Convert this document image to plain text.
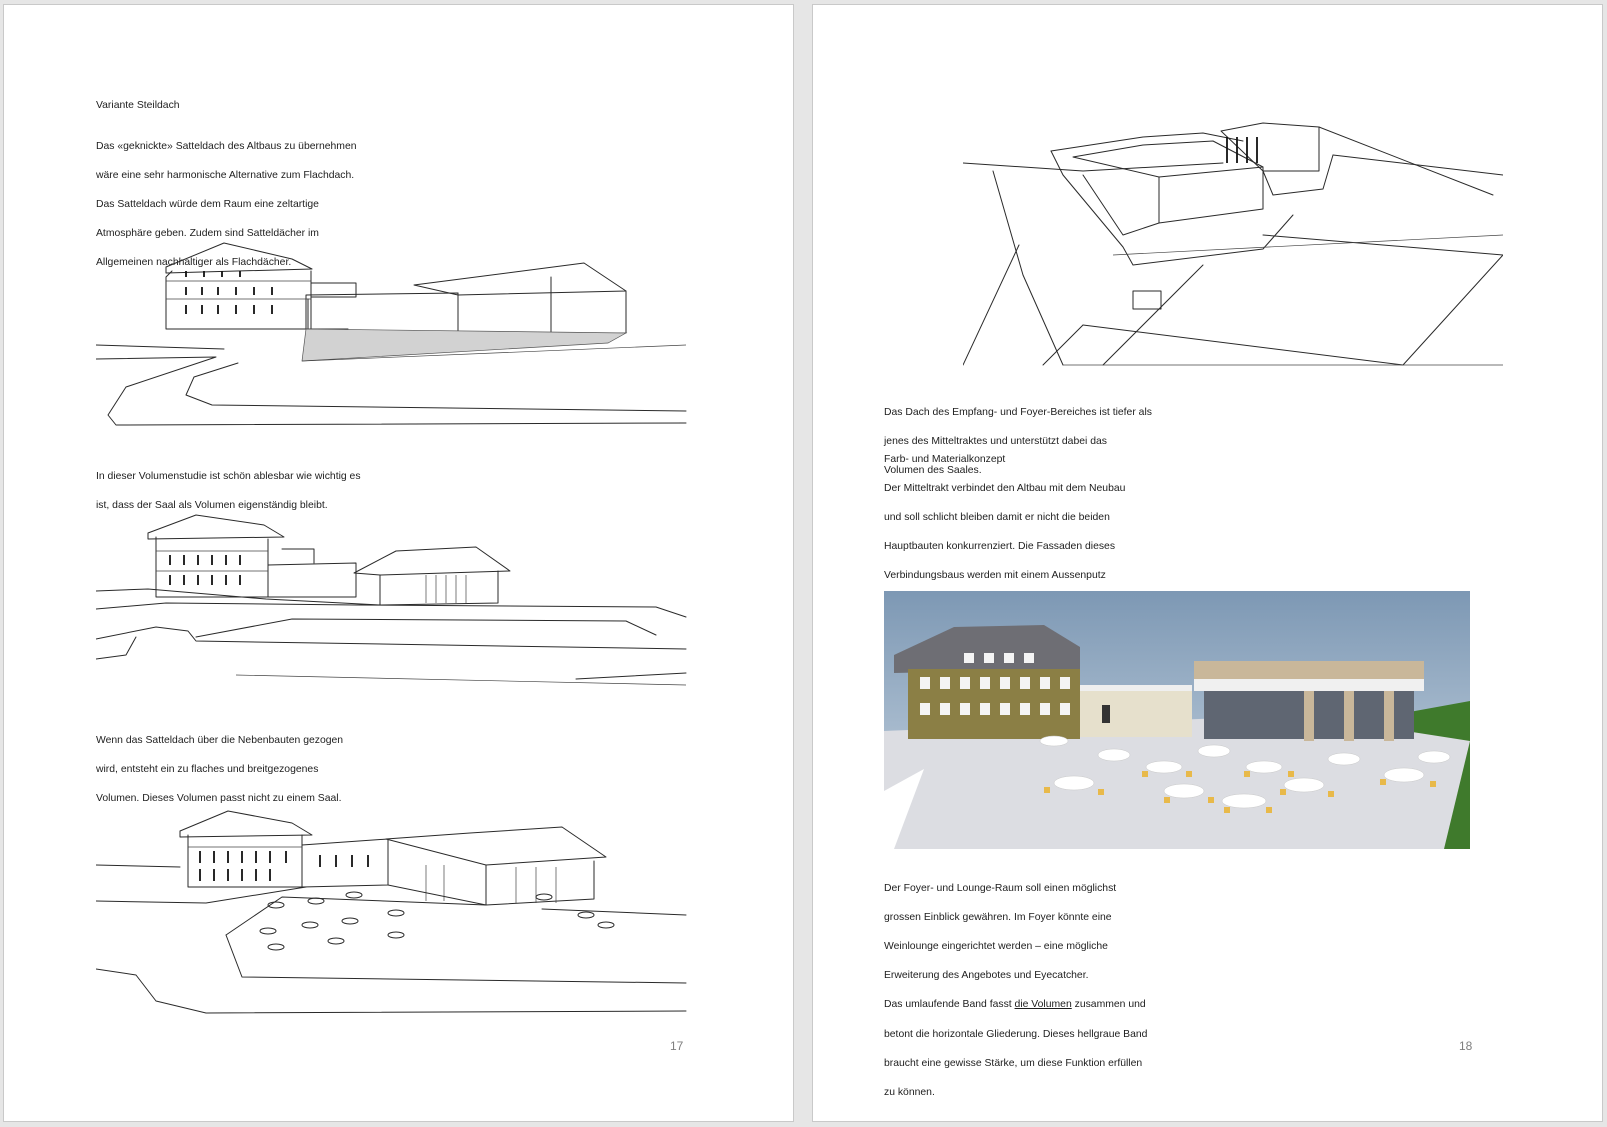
Variante Steildach

Das «geknickte» Satteldach des Altbaus zu übernehmen

wäre eine sehr harmonische Alternative zum Flachdach.

Das Satteldach würde dem Raum eine zeltartige

Atmosphäre geben. Zudem sind Satteldächer im

Allgemeinen nachhaltiger als Flachdächer.

In dieser Volumenstudie ist schön ablesbar wie wichtig es

ist, dass der Saal als Volumen eigenständig bleibt.

Wenn das Satteldach über die Nebenbauten gezogen

wird, entsteht ein zu flaches und breitgezogenes

Volumen. Dieses Volumen passt nicht zu einem Saal.

17

Das Dach des Empfang- und Foyer-Bereiches ist tiefer als

jenes des Mitteltraktes und unterstützt dabei das

Volumen des Saales.

Farb- und Materialkonzept

Der Mitteltrakt verbindet den Altbau mit dem Neubau

und soll schlicht bleiben damit er nicht die beiden

Hauptbauten konkurrenziert. Die Fassaden dieses

Verbindungsbaus werden mit einem Aussenputz

Der Foyer- und Lounge-Raum soll einen möglichst

grossen Einblick gewähren. Im Foyer könnte eine

Weinlounge eingerichtet werden – eine mögliche

Erweiterung des Angebotes und Eyecatcher.

Das umlaufende Band fasst die Volumen zusammen und

betont die horizontale Gliederung. Dieses hellgraue Band

braucht eine gewisse Stärke, um diese Funktion erfüllen

zu können.

18
